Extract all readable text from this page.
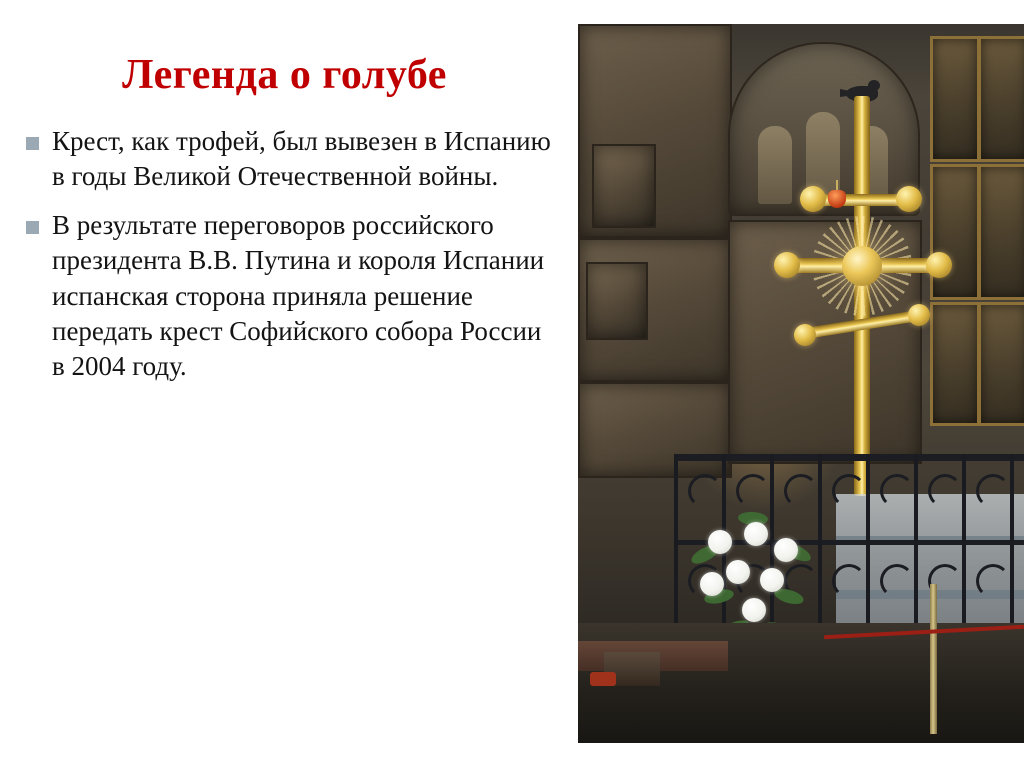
Легенда о голубе
Крест, как трофей, был вывезен в Испанию в годы Великой Отечественной войны.
В результате переговоров российского президента В.В. Путина и короля Испании испанская сторона приняла решение передать крест Софийского собора России в 2004 году.
